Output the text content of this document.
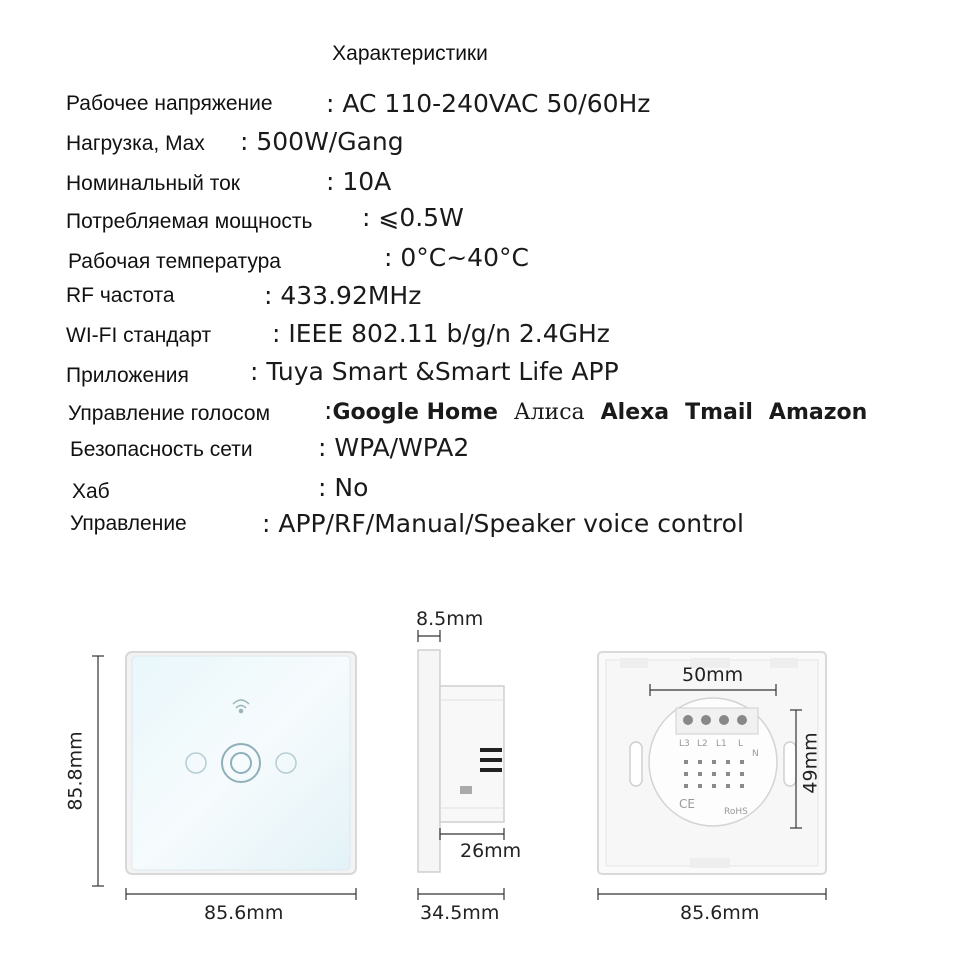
Характеристики
Рабочее напряжение : AC 110-240VAC 50/60Hz
Нагрузка, Max : 500W/Gang
Номинальный ток	: 10A
Потребляемая мощность : ⩽0.5W
Рабочая температура	: 0°C~40°C
RF частота	: 433.92MHz
WI-FI стандарт : IEEE 802.11 b/g/n 2.4GHz
Приложения : Tuya Smart &Smart Life APP
Управление голосом :Google Home Алиса Alexa Tmail Amazon
Безопасность сети	: WPA/WPA2
Хаб	: No
Управление	: APP/RF/Manual/Speaker voice control
L3 L2 L1 L
N
CE
RoHS
85.8mm
85.6mm
8.5mm
26mm
34.5mm
50mm
49mm
85.6mm
